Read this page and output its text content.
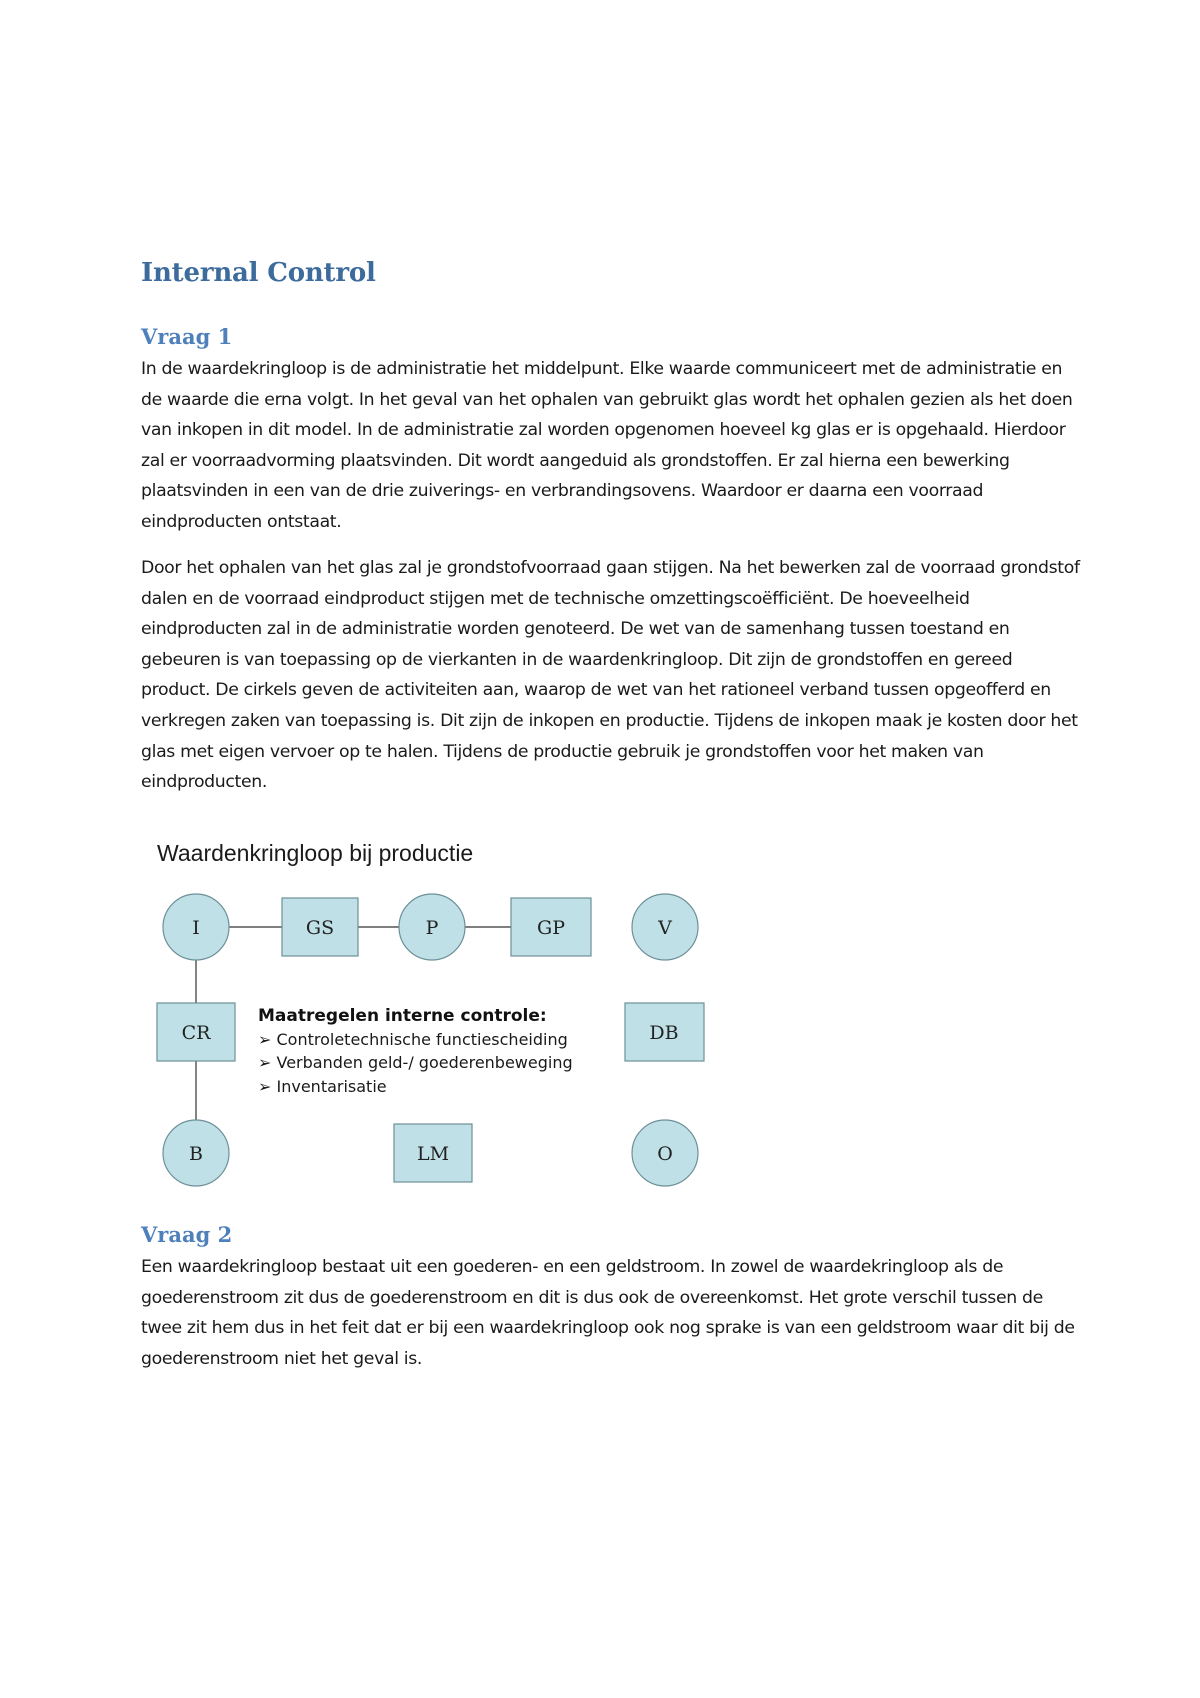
Internal Control
Vraag 1

In de waardekringloop is de administratie het middelpunt. Elke waarde communiceert met de administratie en de waarde die erna volgt. In het geval van het ophalen van gebruikt glas wordt het ophalen gezien als het doen van inkopen in dit model. In de administratie zal worden opgenomen hoeveel kg glas er is opgehaald. Hierdoor zal er voorraadvorming plaatsvinden. Dit wordt aangeduid als grondstoffen. Er zal hierna een bewerking plaatsvinden in een van de drie zuiverings- en verbrandingsovens. Waardoor er daarna een voorraad eindproducten ontstaat.

Door het ophalen van het glas zal je grondstofvoorraad gaan stijgen. Na het bewerken zal de voorraad grondstof dalen en de voorraad eindproduct stijgen met de technische omzettingscoëfficiënt. De hoeveelheid eindproducten zal in de administratie worden genoteerd. De wet van de samenhang tussen toestand en gebeuren is van toepassing op de vierkanten in de waardenkringloop. Dit zijn de grondstoffen en gereed product. De cirkels geven de activiteiten aan, waarop de wet van het rationeel verband tussen opgeofferd en verkregen zaken van toepassing is. Dit zijn de inkopen en productie. Tijdens de inkopen maak je kosten door het glas met eigen vervoer op te halen. Tijdens de productie gebruik je grondstoffen voor het maken van eindproducten.

Waardenkringloop bij productie
I	GS	P	GP	V
CR
Maatregelen interne controle:
➢ Controletechnische functiescheiding
➢ Verbanden geld-/ goederenbeweging
➢ Inventarisatie
DB
B	LM	O
Vraag 2

Een waardekringloop bestaat uit een goederen- en een geldstroom. In zowel de waardekringloop als de goederenstroom zit dus de goederenstroom en dit is dus ook de overeenkomst. Het grote verschil tussen de twee zit hem dus in het feit dat er bij een waardekringloop ook nog sprake is van een geldstroom waar dit bij de goederenstroom niet het geval is.
